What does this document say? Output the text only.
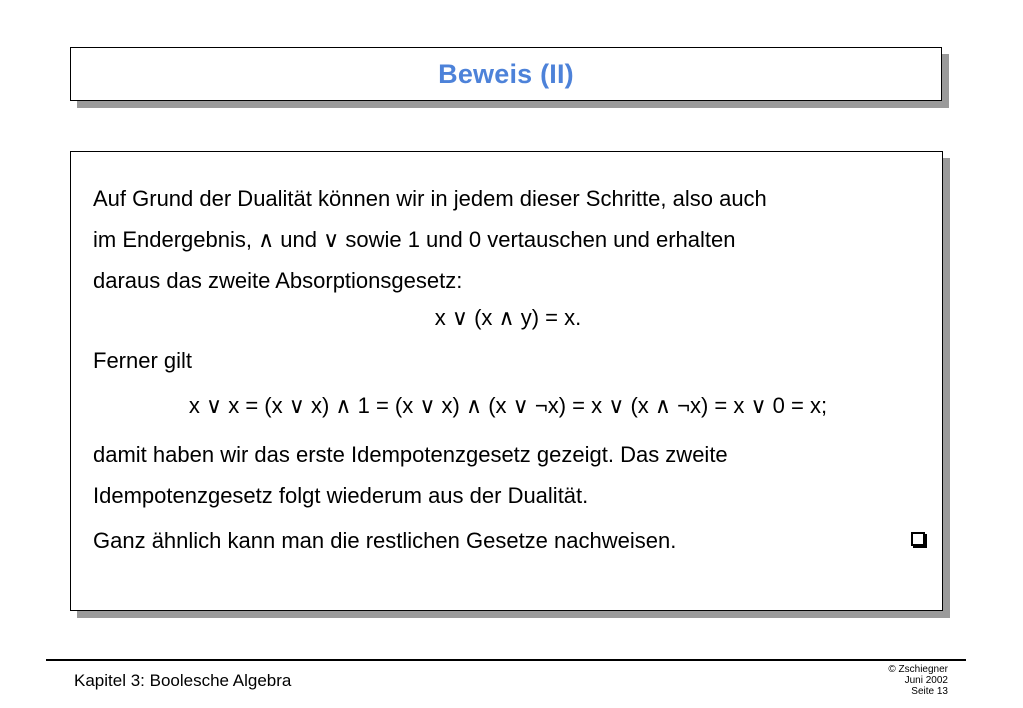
Beweis (II)

Auf Grund der Dualität können wir in jedem dieser Schritte, also auch

im Endergebnis, ∧ und ∨ sowie 1 und 0 vertauschen und erhalten

daraus das zweite Absorptionsgesetz:

x ∨ (x ∧ y) = x.

Ferner gilt

x ∨ x = (x ∨ x) ∧ 1 = (x ∨ x) ∧ (x ∨ ¬x) = x ∨ (x ∧ ¬x) = x ∨ 0 = x;

damit haben wir das erste Idempotenzgesetz gezeigt. Das zweite

Idempotenzgesetz folgt wiederum aus der Dualität.

Ganz ähnlich kann man die restlichen Gesetze nachweisen.

Kapitel 3: Boolesche Algebra
© Zschiegner
Juni 2002
Seite 13
